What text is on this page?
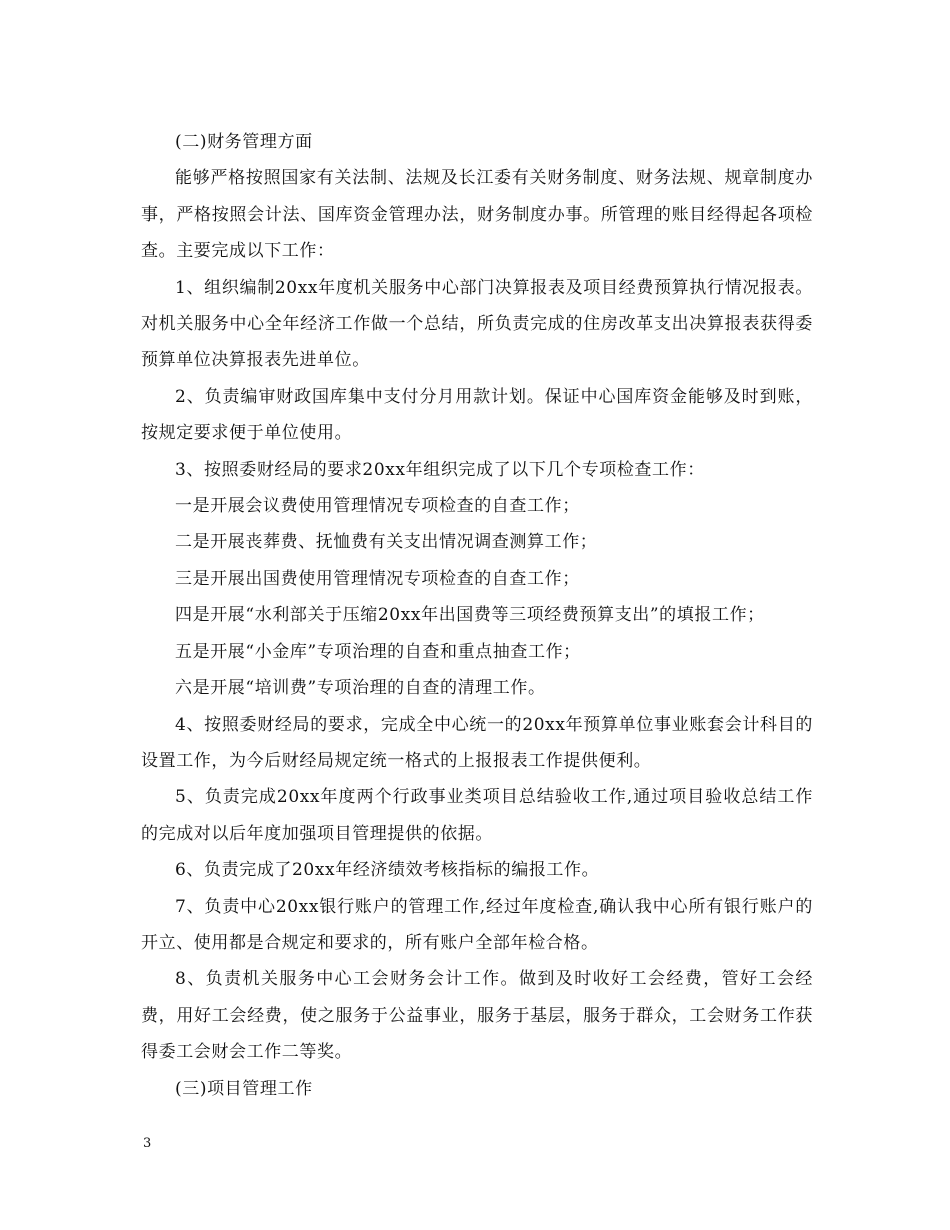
(二)财务管理方面

能够严格按照国家有关法制、法规及长江委有关财务制度、财务法规、规章制度办事，严格按照会计法、国库资金管理办法，财务制度办事。所管理的账目经得起各项检查。主要完成以下工作：

1、组织编制20xx年度机关服务中心部门决算报表及项目经费预算执行情况报表。对机关服务中心全年经济工作做一个总结，所负责完成的住房改革支出决算报表获得委预算单位决算报表先进单位。

2、负责编审财政国库集中支付分月用款计划。保证中心国库资金能够及时到账，按规定要求便于单位使用。

3、按照委财经局的要求20xx年组织完成了以下几个专项检查工作：

一是开展会议费使用管理情况专项检查的自查工作；

二是开展丧葬费、抚恤费有关支出情况调查测算工作；

三是开展出国费使用管理情况专项检查的自查工作；

四是开展“水利部关于压缩20xx年出国费等三项经费预算支出”的填报工作；

五是开展“小金库”专项治理的自查和重点抽查工作；

六是开展“培训费”专项治理的自查的清理工作。

4、按照委财经局的要求，完成全中心统一的20xx年预算单位事业账套会计科目的设置工作，为今后财经局规定统一格式的上报报表工作提供便利。

5、负责完成20xx年度两个行政事业类项目总结验收工作,通过项目验收总结工作的完成对以后年度加强项目管理提供的依据。

6、负责完成了20xx年经济绩效考核指标的编报工作。

7、负责中心20xx银行账户的管理工作,经过年度检查,确认我中心所有银行账户的开立、使用都是合规定和要求的，所有账户全部年检合格。

8、负责机关服务中心工会财务会计工作。做到及时收好工会经费，管好工会经费，用好工会经费，使之服务于公益事业，服务于基层，服务于群众，工会财务工作获得委工会财会工作二等奖。

(三)项目管理工作

3
